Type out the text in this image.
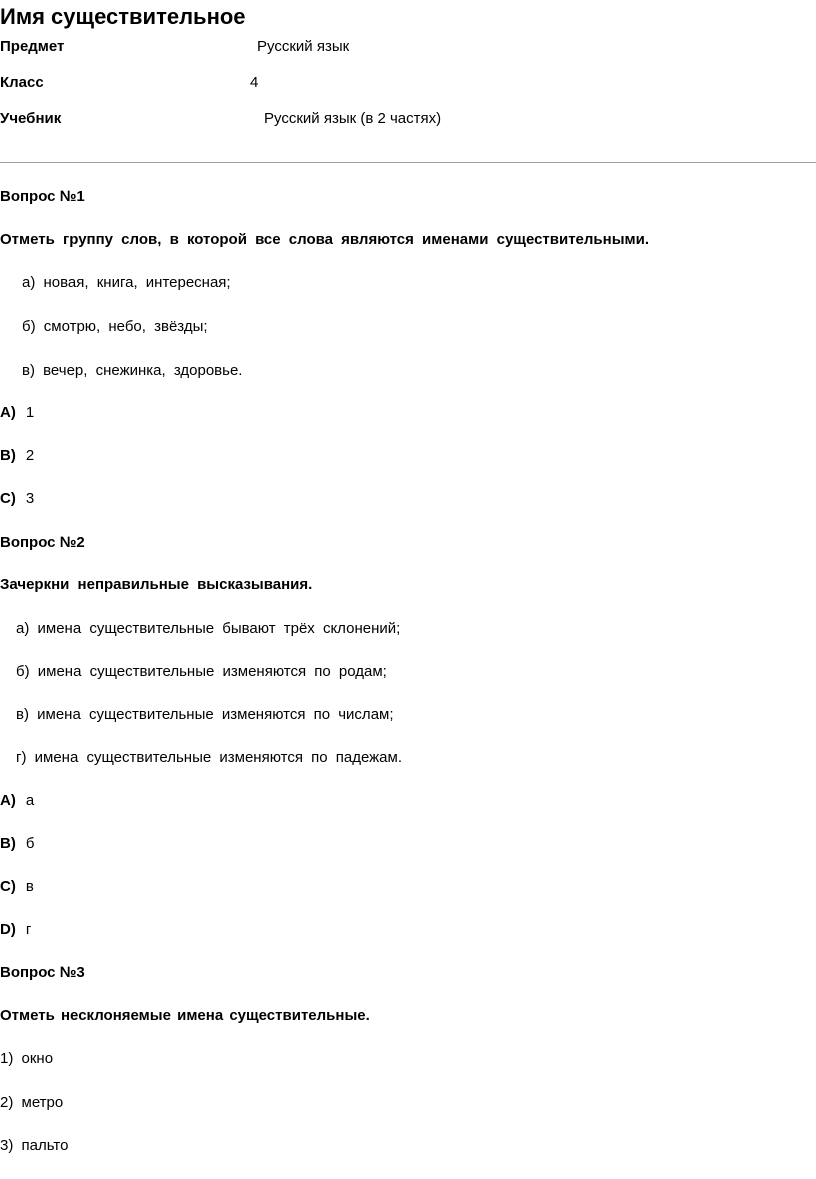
Имя существительное
Предмет	Русский язык
Класс	4
Учебник	Русский язык (в 2 частях)
Вопрос №1
Отметь группу слов, в которой все слова являются именами существительными.
а) новая, книга, интересная;
б) смотрю, небо, звёзды;
в) вечер, снежинка, здоровье.
A) 1
B) 2
C) 3
Вопрос №2
Зачеркни неправильные высказывания.
а) имена существительные бывают трёх склонений;
б) имена существительные изменяются по родам;
в) имена существительные изменяются по числам;
г) имена существительные изменяются по падежам.
A) а
B) б
C) в
D) г
Вопрос №3
Отметь несклоняемые имена существительные.
1) окно
2) метро
3) пальто
